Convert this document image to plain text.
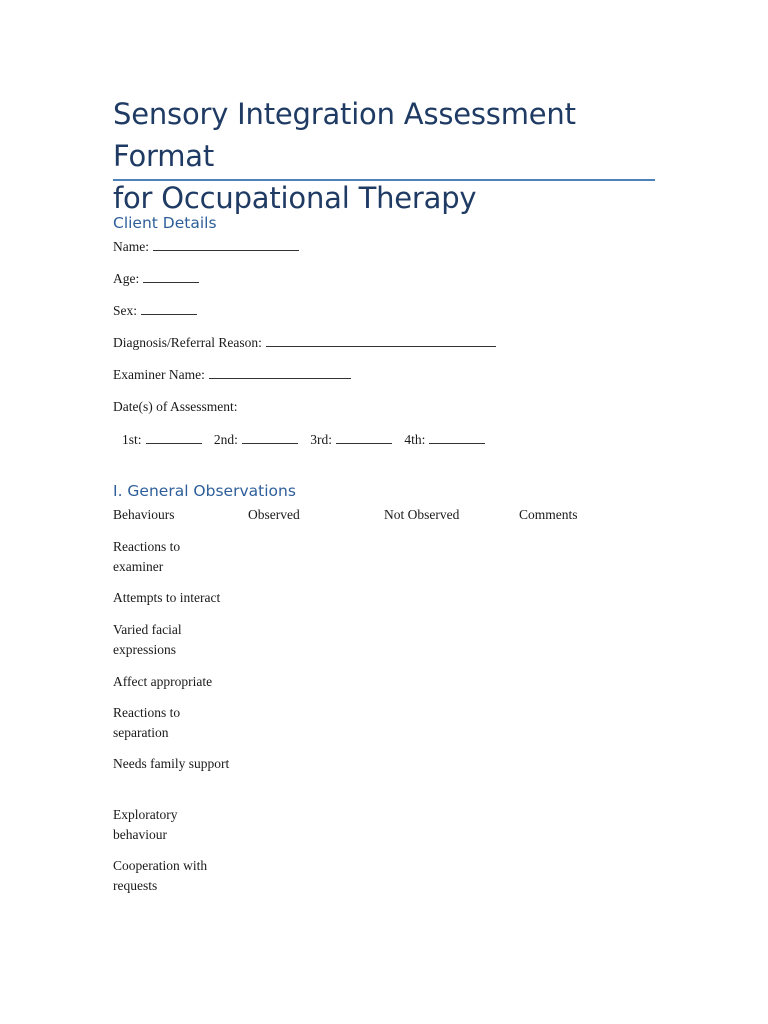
Sensory Integration Assessment Format
for Occupational Therapy
Client Details
Name:
Age:
Sex:
Diagnosis/Referral Reason:
Examiner Name:
Date(s) of Assessment:
1st:	2nd:	3rd:	4th:
I. General Observations
Behaviours	Observed	Not Observed	Comments
Reactions to examiner
Attempts to interact
Varied facial expressions
Affect appropriate
Reactions to separation
Needs family support
Exploratory behaviour
Cooperation with requests
